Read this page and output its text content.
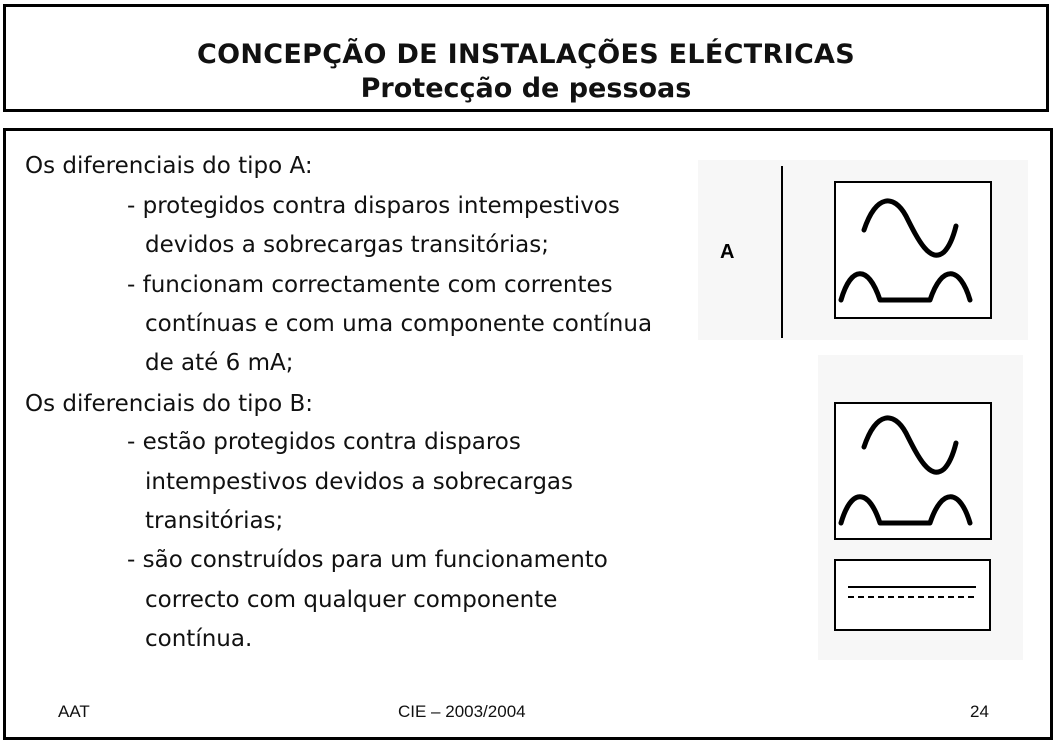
CONCEPÇÃO DE INSTALAÇÕES ELÉCTRICAS
Protecção de pessoas
Os diferenciais do tipo A:
- protegidos contra disparos intempestivos
devidos a sobrecargas transitórias;
- funcionam correctamente com correntes
contínuas e com uma componente contínua
de até 6 mA;
Os diferenciais do tipo B:
- estão protegidos contra disparos
intempestivos devidos a sobrecargas
transitórias;
- são construídos para um funcionamento
correcto com qualquer componente
contínua.
A
AAT	CIE – 2003/2004	24
